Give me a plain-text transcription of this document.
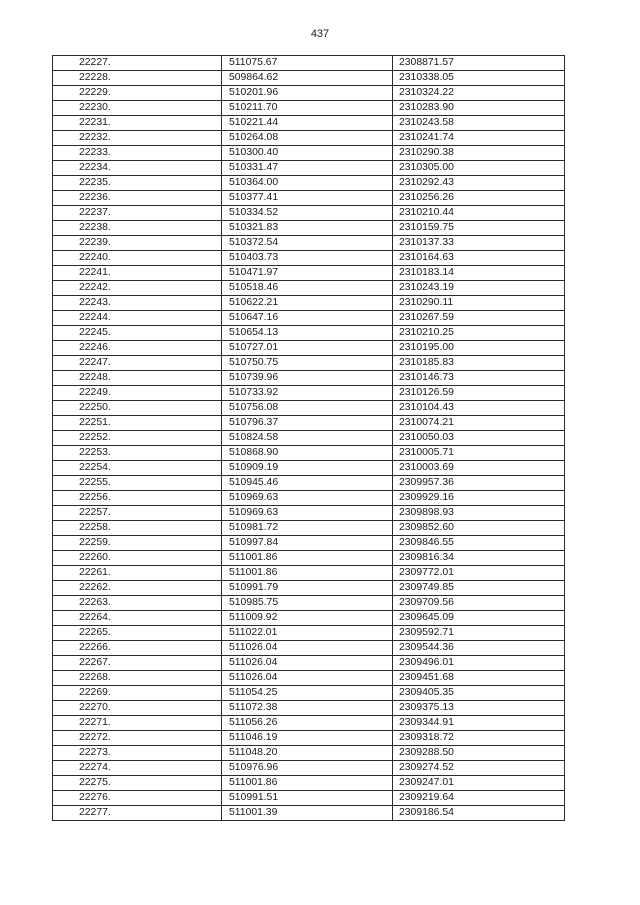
437
22227.	511075.67	2308871.57
22228.	509864.62	2310338.05
22229.	510201.96	2310324.22
22230.	510211.70	2310283.90
22231.	510221.44	2310243.58
22232.	510264.08	2310241.74
22233.	510300.40	2310290.38
22234.	510331.47	2310305.00
22235.	510364.00	2310292.43
22236.	510377.41	2310256.26
22237.	510334.52	2310210.44
22238.	510321.83	2310159.75
22239.	510372.54	2310137.33
22240.	510403.73	2310164.63
22241.	510471.97	2310183.14
22242.	510518.46	2310243.19
22243.	510622.21	2310290.11
22244.	510647.16	2310267.59
22245.	510654.13	2310210.25
22246.	510727.01	2310195.00
22247.	510750.75	2310185.83
22248.	510739.96	2310146.73
22249.	510733.92	2310126.59
22250.	510756.08	2310104.43
22251.	510796.37	2310074.21
22252.	510824.58	2310050.03
22253.	510868.90	2310005.71
22254.	510909.19	2310003.69
22255.	510945.46	2309957.36
22256.	510969.63	2309929.16
22257.	510969.63	2309898.93
22258.	510981.72	2309852.60
22259.	510997.84	2309846.55
22260.	511001.86	2309816.34
22261.	511001.86	2309772.01
22262.	510991.79	2309749.85
22263.	510985.75	2309709.56
22264.	511009.92	2309645.09
22265.	511022.01	2309592.71
22266.	511026.04	2309544.36
22267.	511026.04	2309496.01
22268.	511026.04	2309451.68
22269.	511054.25	2309405.35
22270.	511072.38	2309375.13
22271.	511056.26	2309344.91
22272.	511046.19	2309318.72
22273.	511048.20	2309288.50
22274.	510976.96	2309274.52
22275.	511001.86	2309247.01
22276.	510991.51	2309219.64
22277.	511001.39	2309186.54
